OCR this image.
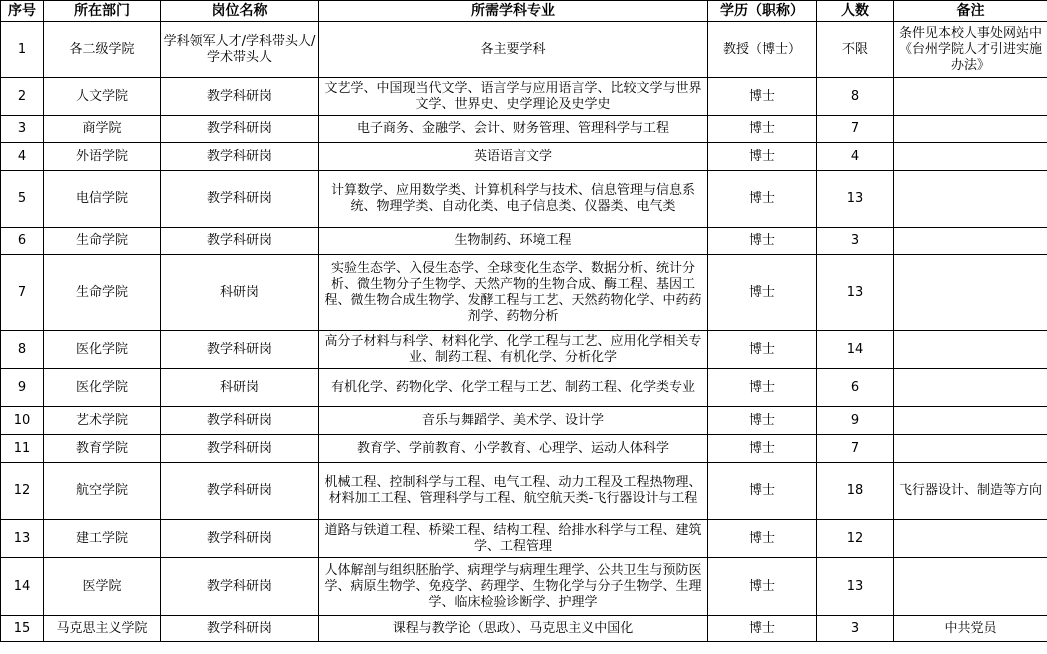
序号	所在部门	岗位名称	所需学科专业	学历（职称）	人数	备注
1	各二级学院	学科领军人才/学科带头人/学术带头人	各主要学科	教授（博士）	不限	条件见本校人事处网站中《台州学院人才引进实施办法》
2	人文学院	教学科研岗	文艺学、中国现当代文学、语言学与应用语言学、比较文学与世界文学、世界史、史学理论及史学史	博士	8	
3	商学院	教学科研岗	电子商务、金融学、会计、财务管理、管理科学与工程	博士	7	
4	外语学院	教学科研岗	英语语言文学	博士	4	
5	电信学院	教学科研岗	计算数学、应用数学类、计算机科学与技术、信息管理与信息系统、物理学类、自动化类、电子信息类、仪器类、电气类	博士	13	
6	生命学院	教学科研岗	生物制药、环境工程	博士	3	
7	生命学院	科研岗	实验生态学、入侵生态学、全球变化生态学、数据分析、统计分析、微生物分子生物学、天然产物的生物合成、酶工程、基因工程、微生物合成生物学、发酵工程与工艺、天然药物化学、中药药剂学、药物分析	博士	13	
8	医化学院	教学科研岗	高分子材料与科学、材料化学、化学工程与工艺、应用化学相关专业、制药工程、有机化学、分析化学	博士	14	
9	医化学院	科研岗	有机化学、药物化学、化学工程与工艺、制药工程、化学类专业	博士	6	
10	艺术学院	教学科研岗	音乐与舞蹈学、美术学、设计学	博士	9	
11	教育学院	教学科研岗	教育学、学前教育、小学教育、心理学、运动人体科学	博士	7	
12	航空学院	教学科研岗	机械工程、控制科学与工程、电气工程、动力工程及工程热物理、材料加工工程、管理科学与工程、航空航天类-飞行器设计与工程	博士	18	飞行器设计、制造等方向
13	建工学院	教学科研岗	道路与铁道工程、桥梁工程、结构工程、给排水科学与工程、建筑学、工程管理	博士	12	
14	医学院	教学科研岗	人体解剖与组织胚胎学、病理学与病理生理学、公共卫生与预防医学、病原生物学、免疫学、药理学、生物化学与分子生物学、生理学、临床检验诊断学、护理学	博士	13	
15	马克思主义学院	教学科研岗	课程与教学论（思政）、马克思主义中国化	博士	3	中共党员
